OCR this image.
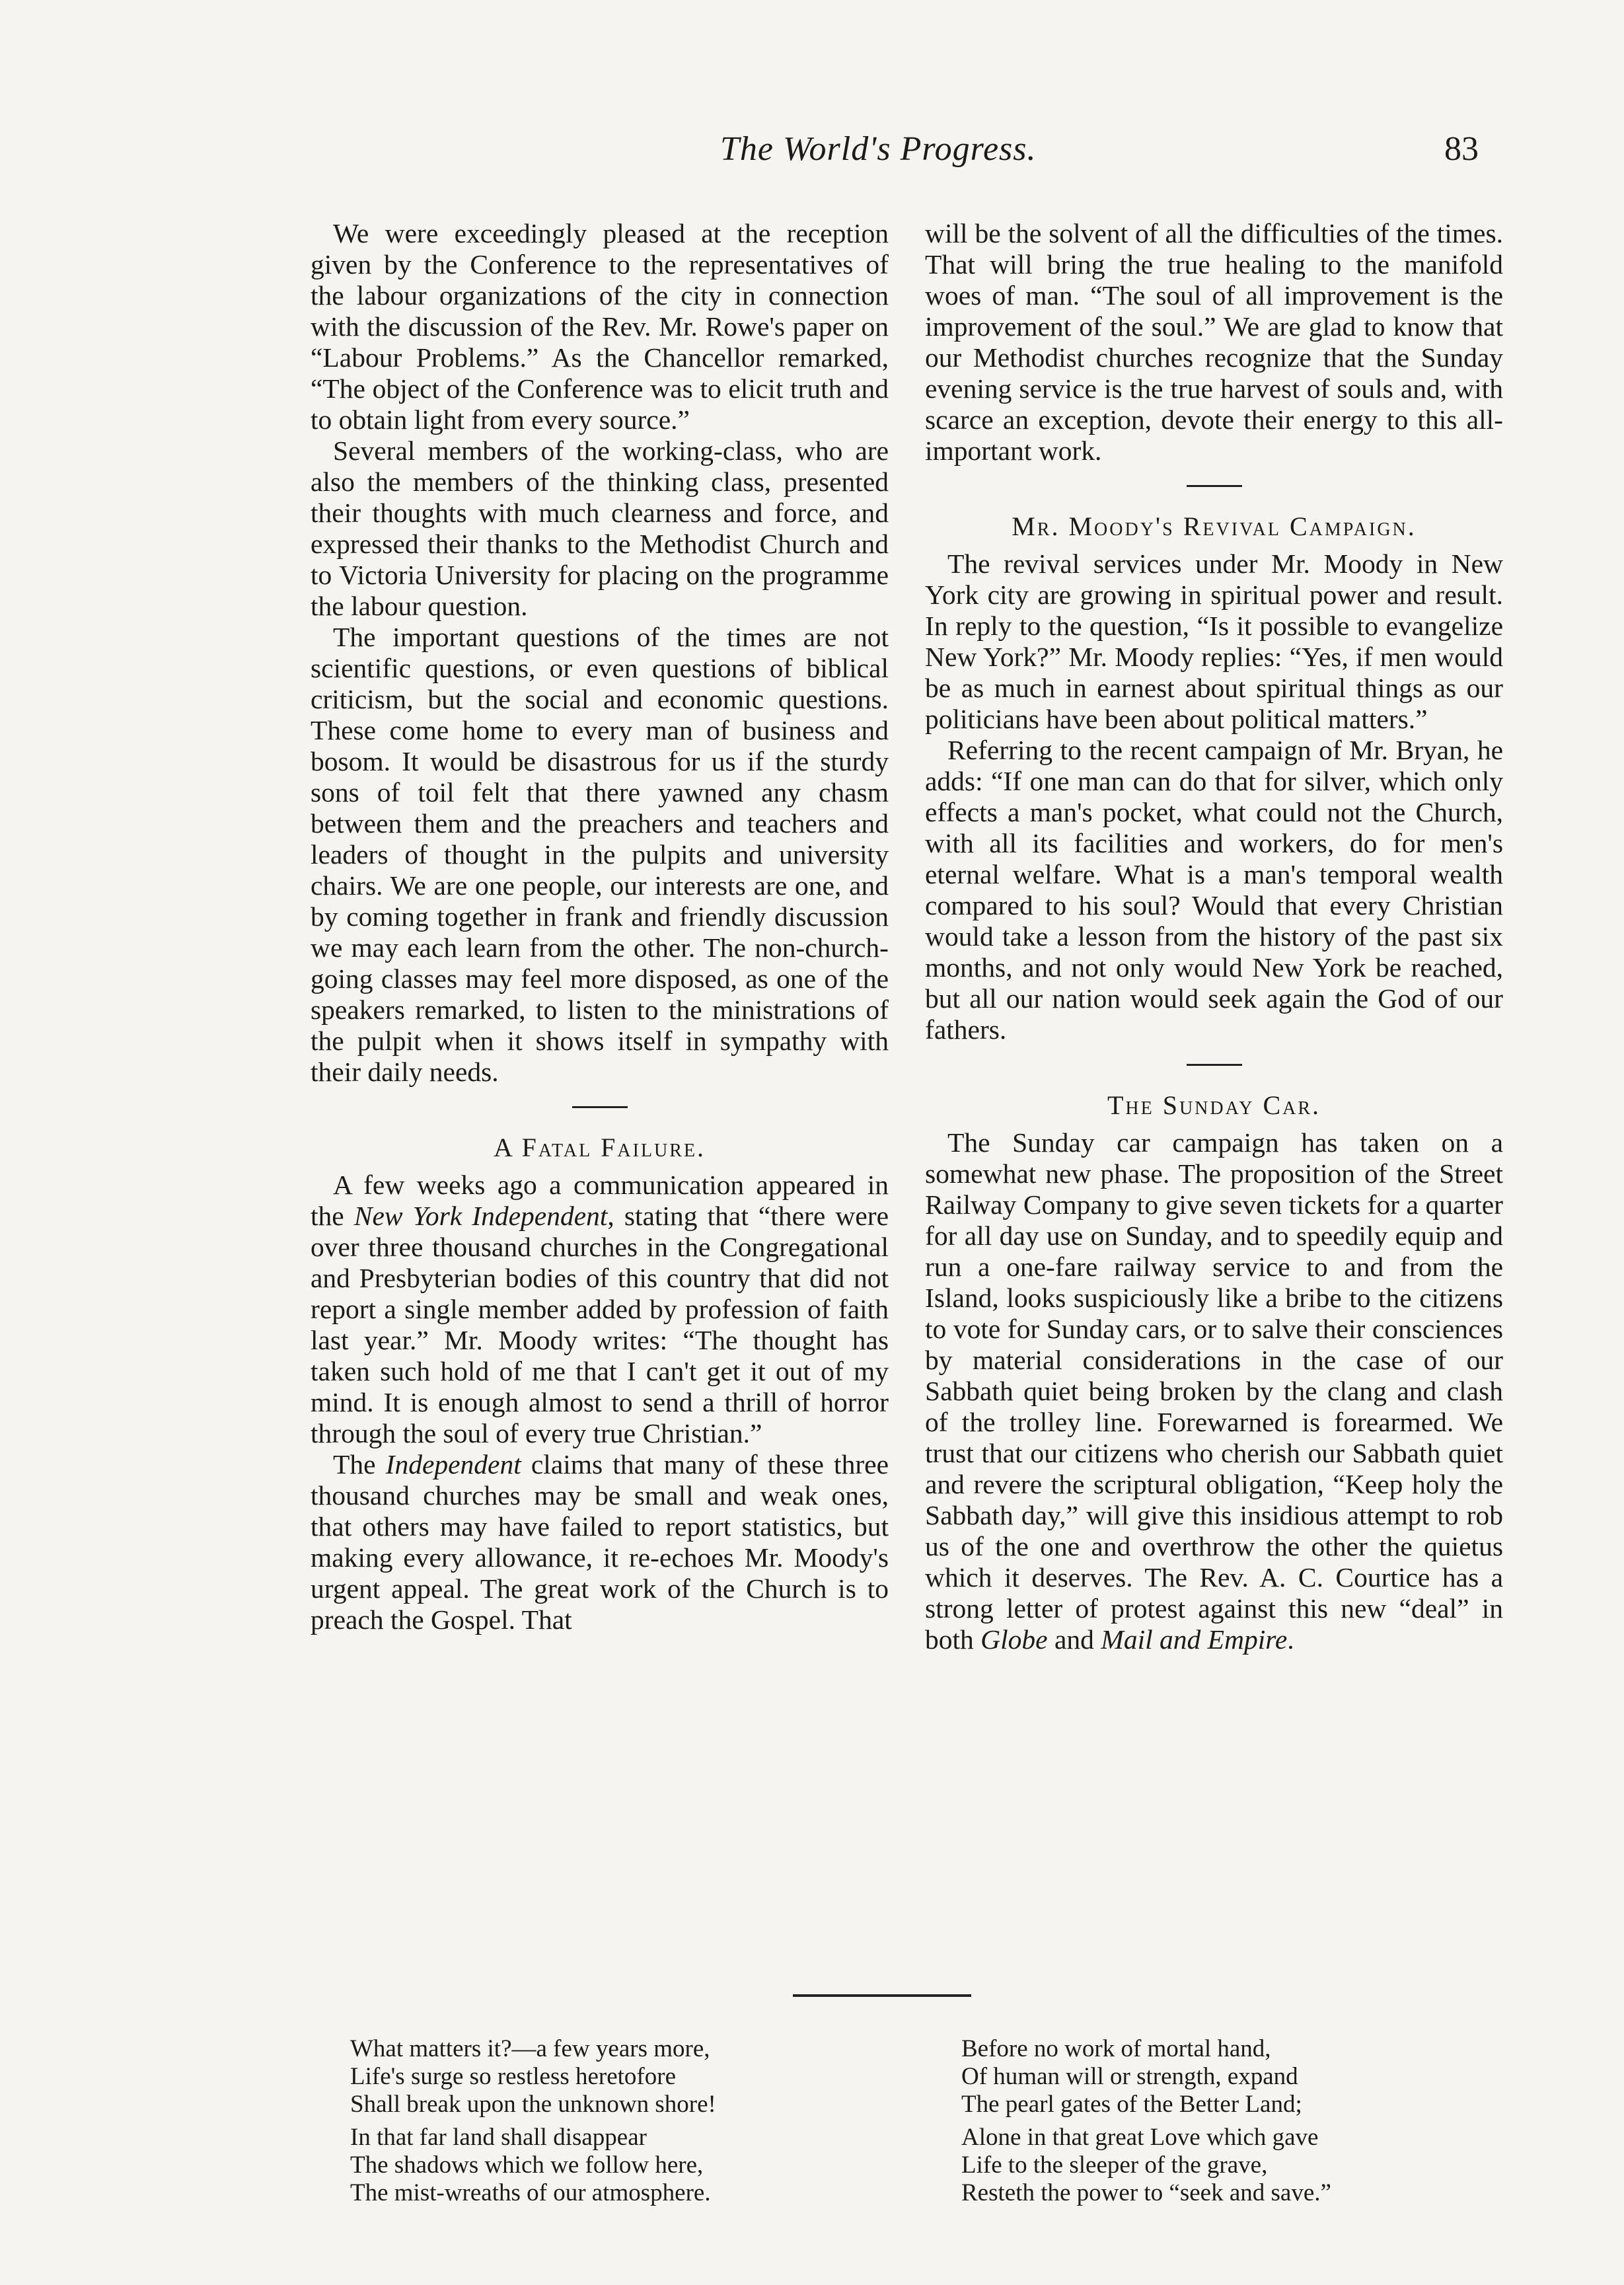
The World's Progress.	83

We were exceedingly pleased at the reception given by the Conference to the representatives of the labour organizations of the city in connection with the discussion of the Rev. Mr. Rowe's paper on “Labour Problems.” As the Chancellor remarked, “The object of the Conference was to elicit truth and to obtain light from every source.”

Several members of the working-class, who are also the members of the thinking class, presented their thoughts with much clearness and force, and expressed their thanks to the Methodist Church and to Victoria University for placing on the programme the labour question.

The important questions of the times are not scientific questions, or even questions of biblical criticism, but the social and economic questions. These come home to every man of business and bosom. It would be disastrous for us if the sturdy sons of toil felt that there yawned any chasm between them and the preachers and teachers and leaders of thought in the pulpits and university chairs. We are one people, our interests are one, and by coming together in frank and friendly discussion we may each learn from the other. The non-church-going classes may feel more disposed, as one of the speakers remarked, to listen to the ministrations of the pulpit when it shows itself in sympathy with their daily needs.

A Fatal Failure.

A few weeks ago a communication appeared in the New York Independent, stating that “there were over three thousand churches in the Congregational and Presbyterian bodies of this country that did not report a single member added by profession of faith last year.” Mr. Moody writes: “The thought has taken such hold of me that I can't get it out of my mind. It is enough almost to send a thrill of horror through the soul of every true Christian.”

The Independent claims that many of these three thousand churches may be small and weak ones, that others may have failed to report statistics, but making every allowance, it re-echoes Mr. Moody's urgent appeal. The great work of the Church is to preach the Gospel. That

will be the solvent of all the difficulties of the times. That will bring the true healing to the manifold woes of man. “The soul of all improvement is the improvement of the soul.” We are glad to know that our Methodist churches recognize that the Sunday evening service is the true harvest of souls and, with scarce an exception, devote their energy to this all-important work.

Mr. Moody's Revival Campaign.

The revival services under Mr. Moody in New York city are growing in spiritual power and result. In reply to the question, “Is it possible to evangelize New York?” Mr. Moody replies: “Yes, if men would be as much in earnest about spiritual things as our politicians have been about political matters.”

Referring to the recent campaign of Mr. Bryan, he adds: “If one man can do that for silver, which only effects a man's pocket, what could not the Church, with all its facilities and workers, do for men's eternal welfare. What is a man's temporal wealth compared to his soul? Would that every Christian would take a lesson from the history of the past six months, and not only would New York be reached, but all our nation would seek again the God of our fathers.

The Sunday Car.

The Sunday car campaign has taken on a somewhat new phase. The proposition of the Street Railway Company to give seven tickets for a quarter for all day use on Sunday, and to speedily equip and run a one-fare railway service to and from the Island, looks suspiciously like a bribe to the citizens to vote for Sunday cars, or to salve their consciences by material considerations in the case of our Sabbath quiet being broken by the clang and clash of the trolley line. Forewarned is forearmed. We trust that our citizens who cherish our Sabbath quiet and revere the scriptural obligation, “Keep holy the Sabbath day,” will give this insidious attempt to rob us of the one and overthrow the other the quietus which it deserves. The Rev. A. C. Courtice has a strong letter of protest against this new “deal” in both Globe and Mail and Empire.

What matters it?—a few years more,
Life's surge so restless heretofore
Shall break upon the unknown shore!
In that far land shall disappear
The shadows which we follow here,
The mist-wreaths of our atmosphere.
Before no work of mortal hand,
Of human will or strength, expand
The pearl gates of the Better Land;
Alone in that great Love which gave
Life to the sleeper of the grave,
Resteth the power to “seek and save.”
